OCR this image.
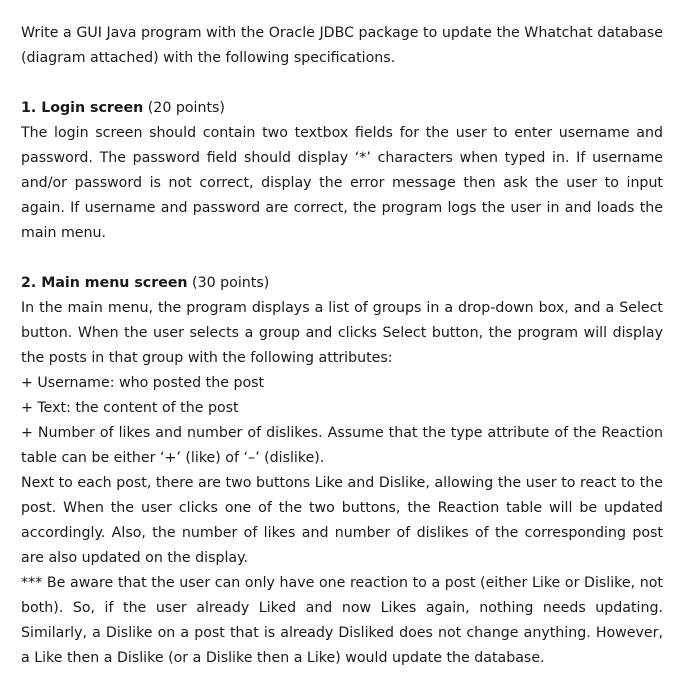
Write a GUI Java program with the Oracle JDBC package to update the Whatchat database (diagram attached) with the following specifications.

1. Login screen (20 points)

The login screen should contain two textbox fields for the user to enter username and password. The password field should display ‘*’ characters when typed in. If username and/or password is not correct, display the error message then ask the user to input again. If username and password are correct, the program logs the user in and loads the main menu.

2. Main menu screen (30 points)

In the main menu, the program displays a list of groups in a drop-down box, and a Select button. When the user selects a group and clicks Select button, the program will display the posts in that group with the following attributes:

+ Username: who posted the post

+ Text: the content of the post

+ Number of likes and number of dislikes. Assume that the type attribute of the Reaction table can be either ‘+’ (like) of ‘–’ (dislike).

Next to each post, there are two buttons Like and Dislike, allowing the user to react to the post. When the user clicks one of the two buttons, the Reaction table will be updated accordingly. Also, the number of likes and number of dislikes of the corresponding post are also updated on the display.

*** Be aware that the user can only have one reaction to a post (either Like or Dislike, not both). So, if the user already Liked and now Likes again, nothing needs updating. Similarly, a Dislike on a post that is already Disliked does not change anything. However, a Like then a Dislike (or a Dislike then a Like) would update the database.
